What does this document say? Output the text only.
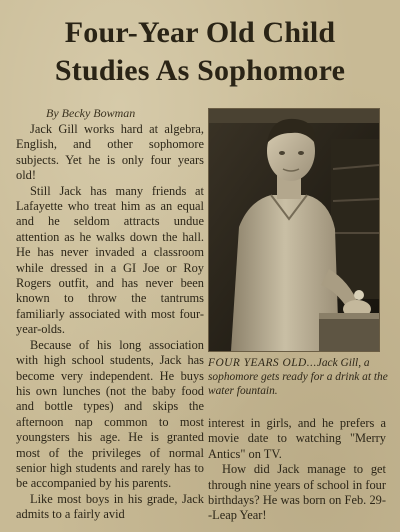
Four-Year Old Child
Studies As Sophomore
By Becky Bowman

Jack Gill works hard at algebra, English, and other sophomore subjects. Yet he is only four years old!

Still Jack has many friends at Lafayette who treat him as an equal and he seldom attracts undue attention as he walks down the hall. He has never invaded a classroom while dressed in a GI Joe or Roy Rogers outfit, and has never been known to throw the tantrums familiarly associated with most four-year-olds.

Because of his long association with high school students, Jack has become very independent. He buys his own lunches (not the baby food and bottle types) and skips the afternoon nap common to most youngsters his age. He is granted most of the privileges of normal senior high students and rarely has to be accompanied by his parents.

Like most boys in his grade, Jack admits to a fairly avid

FOUR YEARS OLD...Jack Gill, a sophomore gets ready for a drink at the water fountain.

interest in girls, and he prefers a movie date to watching "Merry Antics" on TV.

How did Jack manage to get through nine years of school in four birthdays? He was born on Feb. 29--Leap Year!
